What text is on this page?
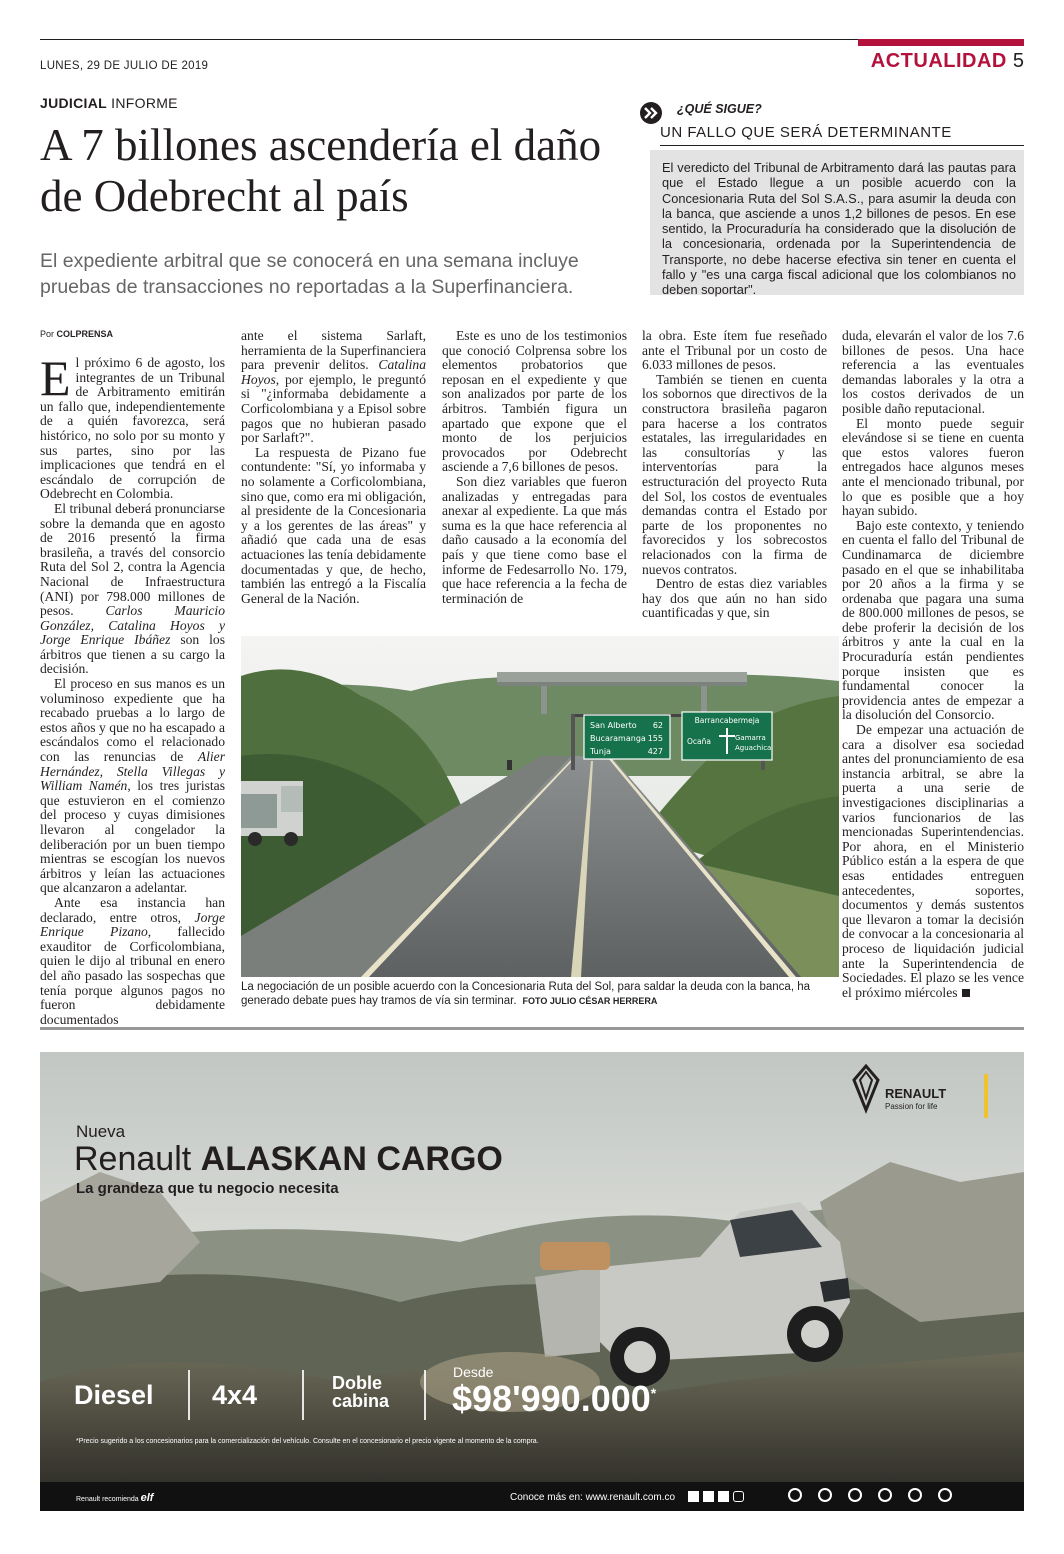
LUNES, 29 DE JULIO DE 2019	ACTUALIDAD 5
JUDICIAL INFORME
A 7 billones ascendería el daño de Odebrecht al país
El expediente arbitral que se conocerá en una semana incluye pruebas de transacciones no reportadas a la Superfinanciera.
¿QUÉ SIGUE?
UN FALLO QUE SERÁ DETERMINANTE
El veredicto del Tribunal de Arbitramento dará las pautas para que el Estado llegue a un posible acuerdo con la Concesionaria Ruta del Sol S.A.S., para asumir la deuda con la banca, que asciende a unos 1,2 billones de pesos. En ese sentido, la Procuraduría ha considerado que la disolución de la concesionaria, ordenada por la Superintendencia de Transporte, no debe hacerse efectiva sin tener en cuenta el fallo y "es una carga fiscal adicional que los colombianos no deben soportar".
Por COLPRENSA

El próximo 6 de agosto, los integrantes de un Tribunal de Arbitramento emitirán un fallo que, independientemente de a quién favorezca, será histórico, no solo por su monto y sus partes, sino por las implicaciones que tendrá en el escándalo de corrupción de Odebrecht en Colombia.

El tribunal deberá pronunciarse sobre la demanda que en agosto de 2016 presentó la firma brasileña, a través del consorcio Ruta del Sol 2, contra la Agencia Nacional de Infraestructura (ANI) por 798.000 millones de pesos. Carlos Mauricio González, Catalina Hoyos y Jorge Enrique Ibáñez son los árbitros que tienen a su cargo la decisión.

El proceso en sus manos es un voluminoso expediente que ha recabado pruebas a lo largo de estos años y que no ha escapado a escándalos como el relacionado con las renuncias de Alier Hernández, Stella Villegas y William Namén, los tres juristas que estuvieron en el comienzo del proceso y cuyas dimisiones llevaron al congelador la deliberación por un buen tiempo mientras se escogían los nuevos árbitros y leían las actuaciones que alcanzaron a adelantar.

Ante esa instancia han declarado, entre otros, Jorge Enrique Pizano, fallecido exauditor de Corficolombiana, quien le dijo al tribunal en enero del año pasado las sospechas que tenía porque algunos pagos no fueron debidamente documentados

ante el sistema Sarlaft, herramienta de la Superfinanciera para prevenir delitos. Catalina Hoyos, por ejemplo, le preguntó si "¿informaba debidamente a Corficolombiana y a Episol sobre pagos que no hubieran pasado por Sarlaft?".

La respuesta de Pizano fue contundente: "Sí, yo informaba y no solamente a Corficolombiana, sino que, como era mi obligación, al presidente de la Concesionaria y a los gerentes de las áreas" y añadió que cada una de esas actuaciones las tenía debidamente documentadas y que, de hecho, también las entregó a la Fiscalía General de la Nación.

Este es uno de los testimonios que conoció Colprensa sobre los elementos probatorios que reposan en el expediente y que son analizados por parte de los árbitros. También figura un apartado que expone que el monto de los perjuicios provocados por Odebrecht asciende a 7,6 billones de pesos.

Son diez variables que fueron analizadas y entregadas para anexar al expediente. La que más suma es la que hace referencia al daño causado a la economía del país y que tiene como base el informe de Fedesarrollo No. 179, que hace referencia a la fecha de terminación de

la obra. Este ítem fue reseñado ante el Tribunal por un costo de 6.033 millones de pesos.

También se tienen en cuenta los sobornos que directivos de la constructora brasileña pagaron para hacerse a los contratos estatales, las irregularidades en las consultorías y las interventorías para la estructuración del proyecto Ruta del Sol, los costos de eventuales demandas contra el Estado por parte de los proponentes no favorecidos y los sobrecostos relacionados con la firma de nuevos contratos.

Dentro de estas diez variables hay dos que aún no han sido cuantificadas y que, sin

duda, elevarán el valor de los 7.6 billones de pesos. Una hace referencia a las eventuales demandas laborales y la otra a los costos derivados de un posible daño reputacional.

El monto puede seguir elevándose si se tiene en cuenta que estos valores fueron entregados hace algunos meses ante el mencionado tribunal, por lo que es posible que a hoy hayan subido.

Bajo este contexto, y teniendo en cuenta el fallo del Tribunal de Cundinamarca de diciembre pasado en el que se inhabilitaba por 20 años a la firma y se ordenaba que pagara una suma de 800.000 millones de pesos, se debe proferir la decisión de los árbitros y ante la cual en la Procuraduría están pendientes porque insisten que es fundamental conocer la providencia antes de empezar a la disolución del Consorcio.

De empezar una actuación de cara a disolver esa sociedad antes del pronunciamiento de esa instancia arbitral, se abre la puerta a una serie de investigaciones disciplinarias a varios funcionarios de las mencionadas Superintendencias. Por ahora, en el Ministerio Público están a la espera de que esas entidades entreguen antecedentes, soportes, documentos y demás sustentos que llevaron a tomar la decisión de convocar a la concesionaria al proceso de liquidación judicial ante la Superintendencia de Sociedades. El plazo se les vence el próximo miércoles

San Alberto 62
Bucaramanga 155
Tunja	427
Barrancabermeja
Ocaña	Gamarra
Aguachica
La negociación de un posible acuerdo con la Concesionaria Ruta del Sol, para saldar la deuda con la banca, ha generado debate pues hay tramos de vía sin terminar. FOTO JULIO CÉSAR HERRERA
RENAULT
Passion for life
Nueva
Renault ALASKAN CARGO
La grandeza que tu negocio necesita
Diesel 4x4	Doble
cabina
Desde
$98'990.000*
*Precio sugerido a los concesionarios para la comercialización del vehículo. Consulte en el concesionario el precio vigente al momento de la compra.
Renault recomienda elf	Conoce más en: www.renault.com.co
